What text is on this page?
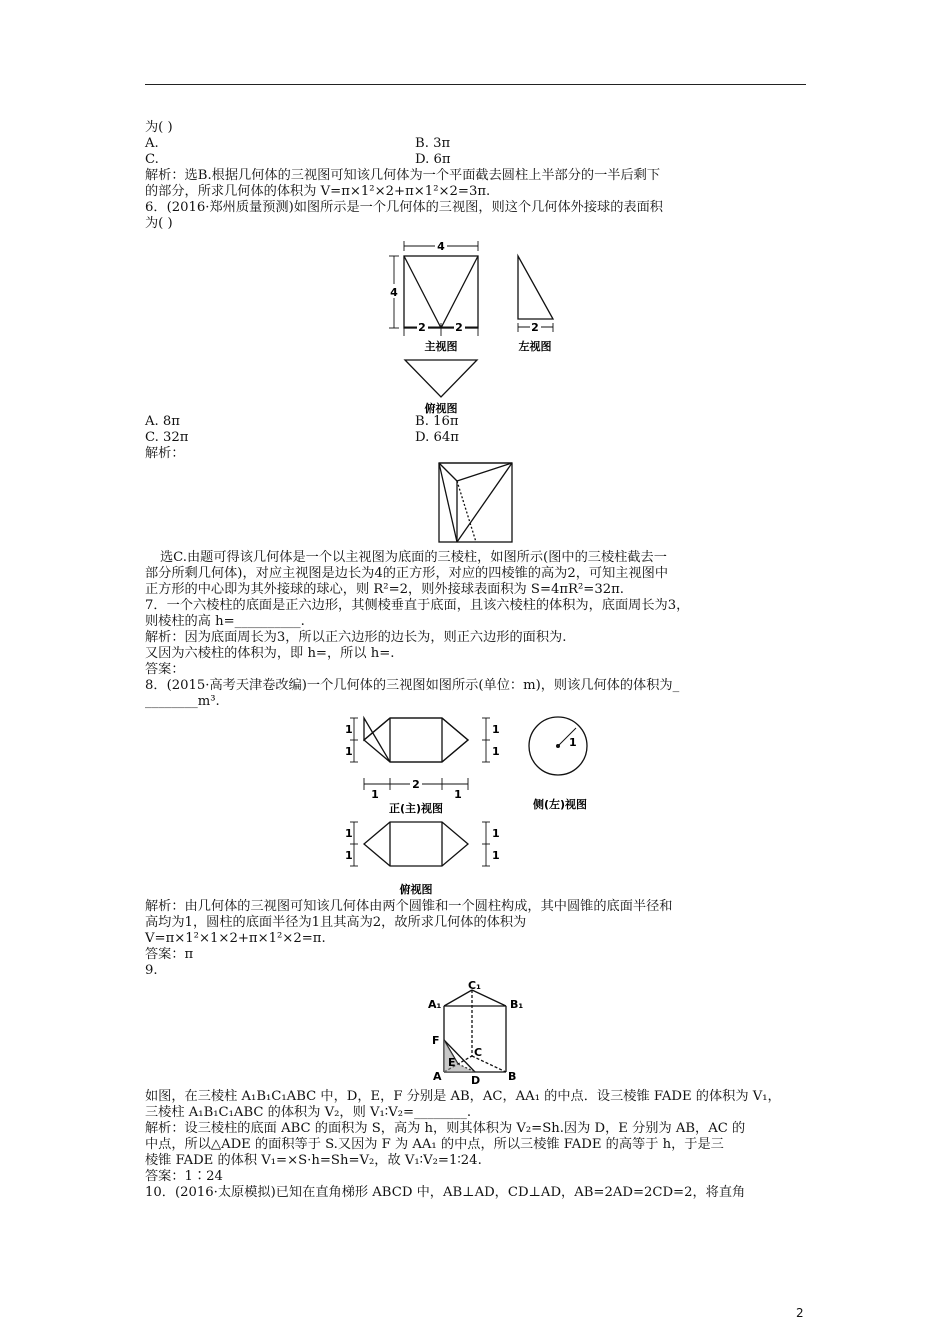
为( )
A.	B. 3π
C.	D. 6π
解析：选B.根据几何体的三视图可知该几何体为一个平面截去圆柱上半部分的一半后剩下
的部分，所求几何体的体积为 V=π×1²×2+π×1²×2=3π.
6．(2016·郑州质量预测)如图所示是一个几何体的三视图，则这个几何体外接球的表面积
为( )
4
4
2	2	2
主视图	左视图
俯视图
A. 8π	B. 16π
C. 32π	D. 64π
解析：
选C.由题可得该几何体是一个以主视图为底面的三棱柱，如图所示(图中的三棱柱截去一
部分所剩几何体)，对应主视图是边长为4的正方形，对应的四棱锥的高为2，可知主视图中
正方形的中心即为其外接球的球心，则 R²=2，则外接球表面积为 S=4πR²=32π.
7．一个六棱柱的底面是正六边形，其侧棱垂直于底面，且该六棱柱的体积为，底面周长为3，
则棱柱的高 h=__________.
解析：因为底面周长为3，所以正六边形的边长为，则正六边形的面积为.
又因为六棱柱的体积为，即 h=，所以 h=.
答案：
8．(2015·高考天津卷改编)一个几何体的三视图如图所示(单位：m)，则该几何体的体积为_
________m³.
1
1
1
1
1
2
1
1
正(主)视图	侧(左)视图
1
1
1
1
俯视图
解析：由几何体的三视图可知该几何体由两个圆锥和一个圆柱构成，其中圆锥的底面半径和
高均为1，圆柱的底面半径为1且其高为2，故所求几何体的体积为
V=π×1²×1×2+π×1²×2=π.
答案：π
9.
C₁
A₁	B₁
F
C
E
A	D	B
如图，在三棱柱 A₁B₁C₁ABC 中，D，E，F 分别是 AB，AC，AA₁ 的中点．设三棱锥 FADE 的体积为 V₁，
三棱柱 A₁B₁C₁ABC 的体积为 V₂，则 V₁∶V₂=________.
解析：设三棱柱的底面 ABC 的面积为 S，高为 h，则其体积为 V₂=Sh.因为 D，E 分别为 AB，AC 的
中点，所以△ADE 的面积等于 S.又因为 F 为 AA₁ 的中点，所以三棱锥 FADE 的高等于 h，于是三
棱锥 FADE 的体积 V₁=×S·h=Sh=V₂，故 V₁∶V₂=1∶24.
答案：1∶24
10．(2016·太原模拟)已知在直角梯形 ABCD 中，AB⊥AD，CD⊥AD，AB=2AD=2CD=2，将直角
2
